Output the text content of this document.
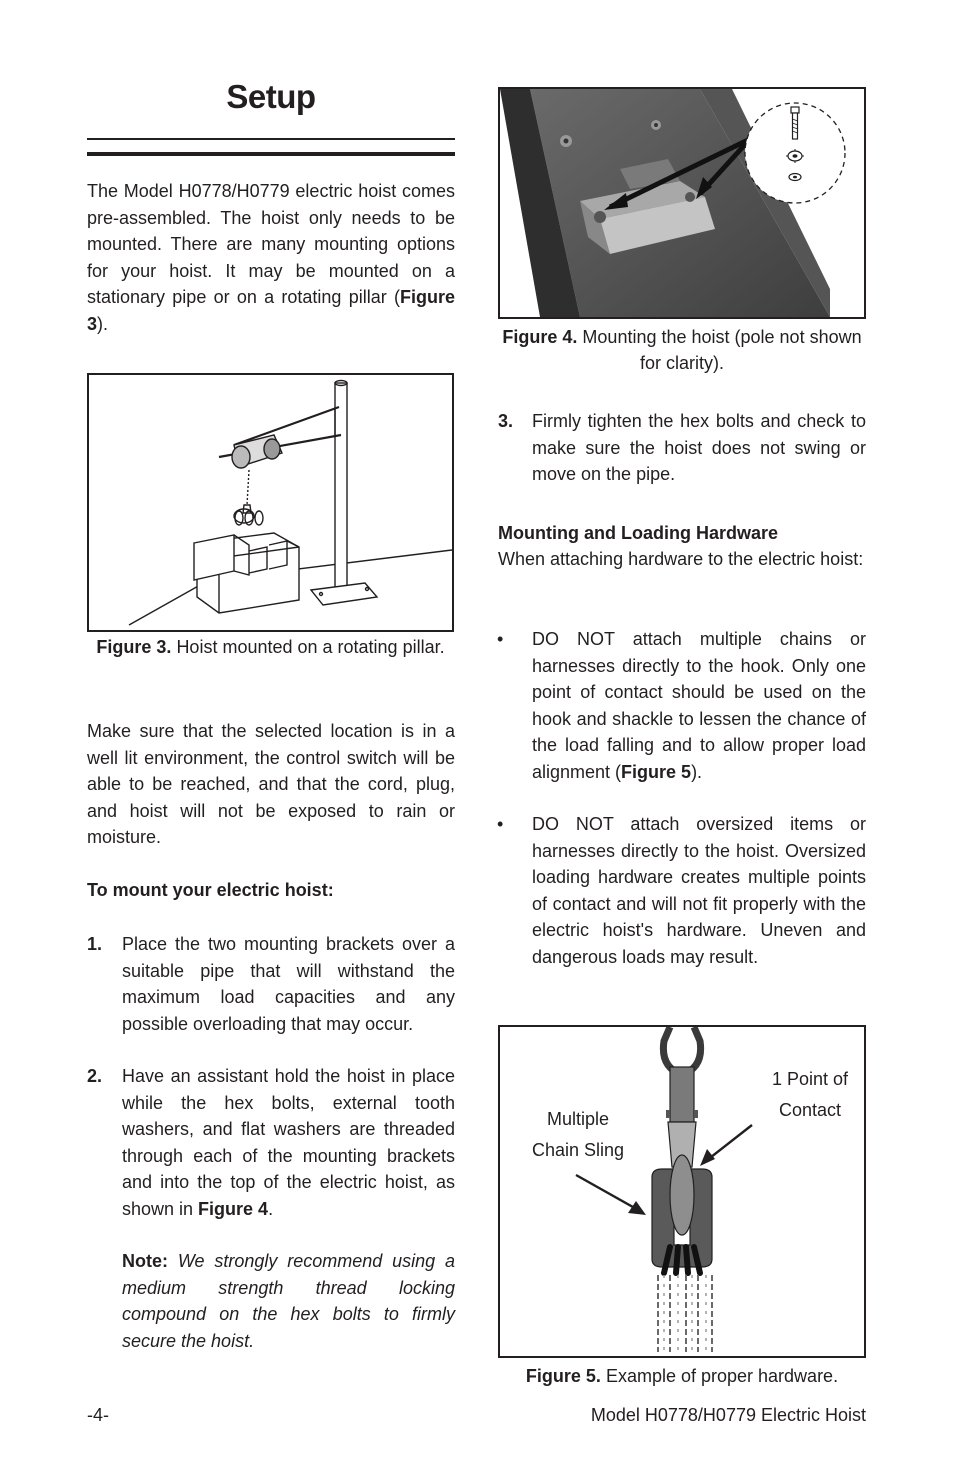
Setup
The Model H0778/H0779 electric hoist comes pre-assembled. The hoist only needs to be mounted. There are many mounting options for your hoist. It may be mounted on a stationary pipe or on a rotating pillar (Figure 3).
Figure 3. Hoist mounted on a rotating pillar.
Make sure that the selected location is in a well lit environment, the control switch will be able to be reached, and that the cord, plug, and hoist will not be exposed to rain or moisture.
To mount your electric hoist:
1. Place the two mounting brackets over a suitable pipe that will withstand the maximum load capacities and any possible overloading that may occur.
2. Have an assistant hold the hoist in place while the hex bolts, external tooth washers, and flat washers are threaded through each of the mounting brackets and into the top of the electric hoist, as shown in Figure 4.
Note: We strongly recommend using a medium strength thread locking compound on the hex bolts to firmly secure the hoist.
Figure 4. Mounting the hoist (pole not shown for clarity).
3. Firmly tighten the hex bolts and check to make sure the hoist does not swing or move on the pipe.
Mounting and Loading Hardware
When attaching hardware to the electric hoist:
• DO NOT attach multiple chains or harnesses directly to the hook. Only one point of contact should be used on the hook and shackle to lessen the chance of the load falling and to allow proper load alignment (Figure 5).
• DO NOT attach oversized items or harnesses directly to the hoist. Oversized loading hardware creates multiple points of contact and will not fit properly with the electric hoist's hardware. Uneven and dangerous loads may result.
Multiple
Chain Sling
1 Point of
Contact
Figure 5. Example of proper hardware.
-4-	Model H0778/H0779 Electric Hoist
